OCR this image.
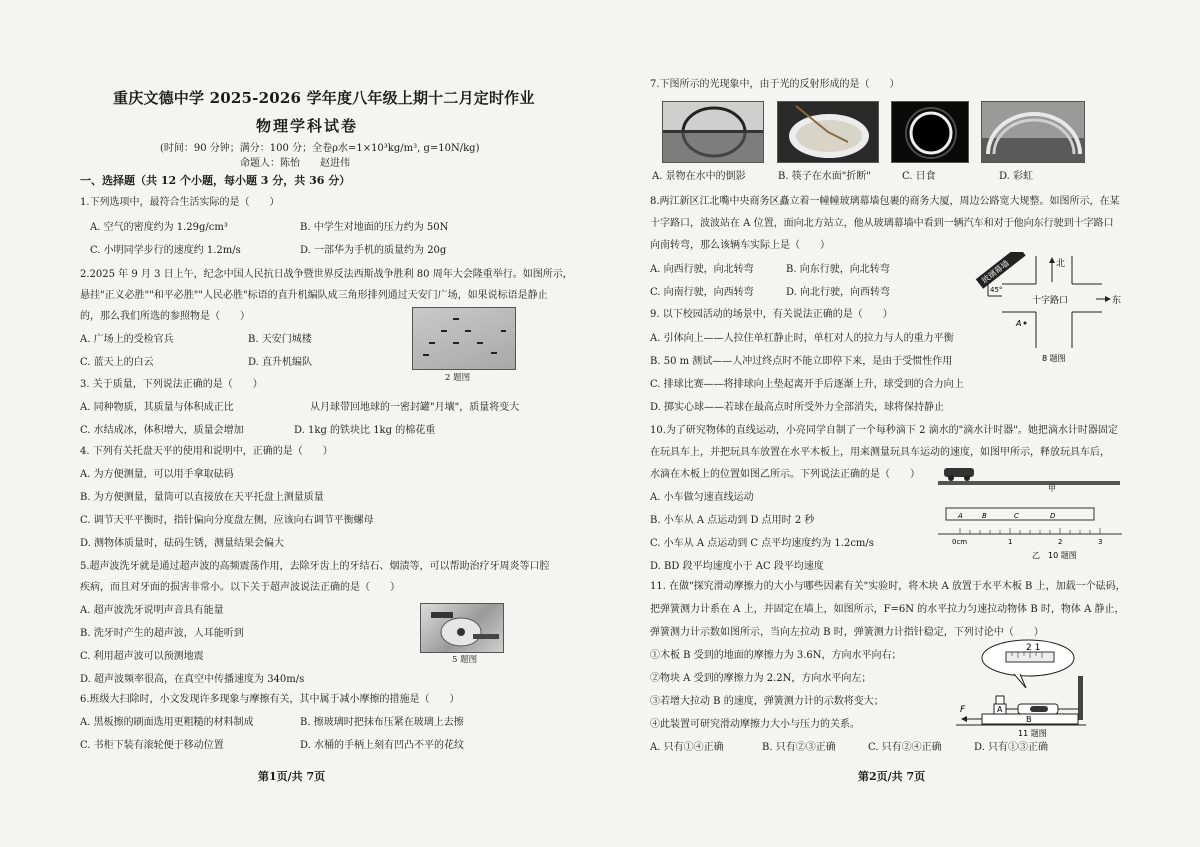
重庆文德中学 2025-2026 学年度八年级上期十二月定时作业
物理学科试卷
(时间：90 分钟；满分：100 分；全卷ρ水=1×10³kg/m³, g=10N/kg)
命题人：陈怡　　赵进伟
一、选择题（共 12 个小题，每小题 3 分，共 36 分）
1.下列选项中，最符合生活实际的是（　　）
A. 空气的密度约为 1.29g/cm³	B. 中学生对地面的压力约为 50N
C. 小明同学步行的速度约 1.2m/s	D. 一部华为手机的质量约为 20g
2.2025 年 9 月 3 日上午，纪念中国人民抗日战争暨世界反法西斯战争胜利 80 周年大会隆重举行。如图所示，
悬挂"正义必胜""和平必胜""人民必胜"标语的直升机编队成三角形排列通过天安门广场，如果说标语是静止
的，那么我们所选的参照物是（　　）
A. 广场上的受检官兵	B. 天安门城楼
C. 蓝天上的白云	D. 直升机编队
2 题图
3. 关于质量，下列说法正确的是（　　）
A. 同种物质，其质量与体积成正比	从月球带回地球的一密封罐"月壤"，质量将变大
C. 水结成冰，体积增大，质量会增加	D. 1kg 的铁块比 1kg 的棉花重
4. 下列有关托盘天平的使用和说明中，正确的是（　　）
A. 为方便测量，可以用手拿取砝码
B. 为方便测量，量筒可以直接放在天平托盘上测量质量
C. 调节天平平衡时，指针偏向分度盘左侧，应该向右调节平衡螺母
D. 测物体质量时，砝码生锈，测量结果会偏大
5.超声波洗牙就是通过超声波的高频震荡作用，去除牙齿上的牙结石、烟渍等，可以帮助治疗牙周炎等口腔
疾病，而且对牙面的损害非常小。以下关于超声波说法正确的是（　　）
A. 超声波洗牙说明声音具有能量
B. 洗牙时产生的超声波，人耳能听到
C. 利用超声波可以预测地震
D. 超声波频率很高，在真空中传播速度为 340m/s
5 题图
6.班级大扫除时，小文发现许多现象与摩擦有关，其中属于减小摩擦的措施是（　　）
A. 黑板擦的刷面选用更粗糙的材料制成	B. 擦玻璃时把抹布压紧在玻璃上去擦
C. 书柜下装有滚轮便于移动位置	D. 水桶的手柄上刻有凹凸不平的花纹
第1页/共 7页
7.下图所示的光现象中，由于光的反射形成的是（　　）
A. 景物在水中的倒影	B. 筷子在水面"折断"	C. 日食	D. 彩虹
8.两江新区江北嘴中央商务区矗立着一幢幢玻璃幕墙包裹的商务大厦，周边公路宽大规整。如图所示，在某
十字路口，波波站在 A 位置，面向北方站立，他从玻璃幕墙中看到一辆汽车和对于他向东行驶到十字路口
向南转弯，那么该辆车实际上是（　　）
A. 向西行驶，向北转弯	B. 向东行驶，向北转弯
C. 向南行驶，向西转弯	D. 向北行驶，向西转弯
玻璃幕墙
45°
北
十字路口	东
A
8 题图
9. 以下校园活动的场景中，有关说法正确的是（　　）
A. 引体向上——人拉住单杠静止时，单杠对人的拉力与人的重力平衡
B. 50 m 测试——人冲过终点时不能立即停下来，是由于受惯性作用
C. 排球比赛——将排球向上垫起离开手后逐渐上升，球受到的合力向上
D. 掷实心球——若球在最高点时所受外力全部消失，球将保持静止
10.为了研究物体的直线运动，小亮同学自制了一个每秒滴下 2 滴水的"滴水计时器"。她把滴水计时器固定
在玩具车上，并把玩具车放置在水平木板上，用来测量玩具车运动的速度，如图甲所示，释放玩具车后，
水滴在木板上的位置如图乙所示。下列说法正确的是（　　）
A. 小车做匀速直线运动
B. 小车从 A 点运动到 D 点用时 2 秒
C. 小车从 A 点运动到 C 点平均速度约为 1.2cm/s
D. BD 段平均速度小于 AC 段平均速度
甲
A	B	C	D
0cm	1	2	3
乙　10 题图
11. 在做"探究滑动摩擦力的大小与哪些因素有关"实验时，将木块 A 放置于水平木板 B 上，加载一个砝码，
把弹簧测力计系在 A 上，并固定在墙上，如图所示，F=6N 的水平拉力匀速拉动物体 B 时，物体 A 静止，
弹簧测力计示数如图所示，当向左拉动 B 时，弹簧测力计指针稳定，下列讨论中（　　）
①木板 B 受到的地面的摩擦力为 3.6N，方向水平向右；
②物块 A 受到的摩擦力为 2.2N，方向水平向左；
③若增大拉动 B 的速度，弹簧测力计的示数将变大；
④此装置可研究滑动摩擦力大小与压力的关系。
A. 只有①④正确	B. 只有②③正确	C. 只有②④正确	D. 只有①③正确
2 1
A
B
F
11 题图
第2页/共 7页
